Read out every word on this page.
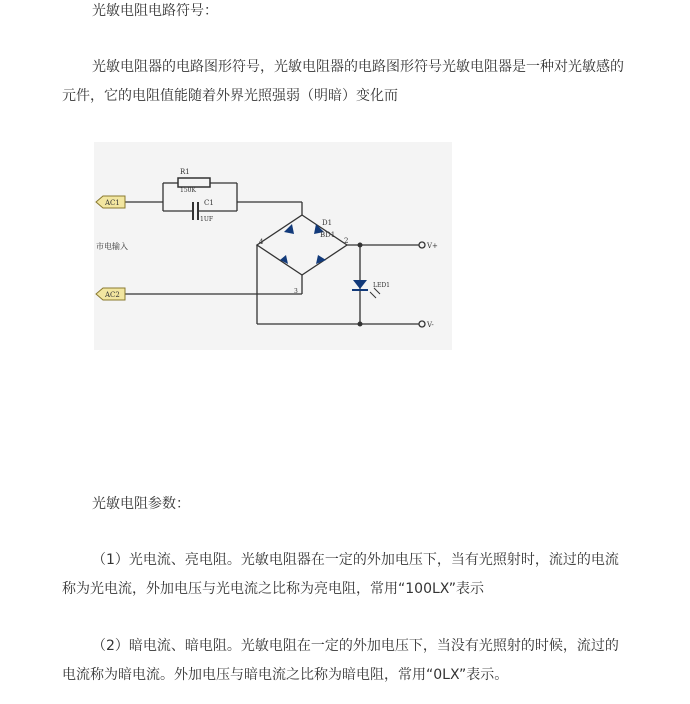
光敏电阻电路符号：

光敏电阻器的电路图形符号，光敏电阻器的电路图形符号光敏电阻器是一种对光敏感的元件，它的电阻值能随着外界光照强弱（明暗）变化而

AC1
AC2
R1
150K
C1
1UF	D1
BD1
2
4
3
市电输入	V+
LED1
V-

光敏电阻参数：

（1）光电流、亮电阻。光敏电阻器在一定的外加电压下，当有光照射时，流过的电流称为光电流，外加电压与光电流之比称为亮电阻，常用“100LX”表示

（2）暗电流、暗电阻。光敏电阻在一定的外加电压下，当没有光照射的时候，流过的电流称为暗电流。外加电压与暗电流之比称为暗电阻，常用“0LX”表示。
